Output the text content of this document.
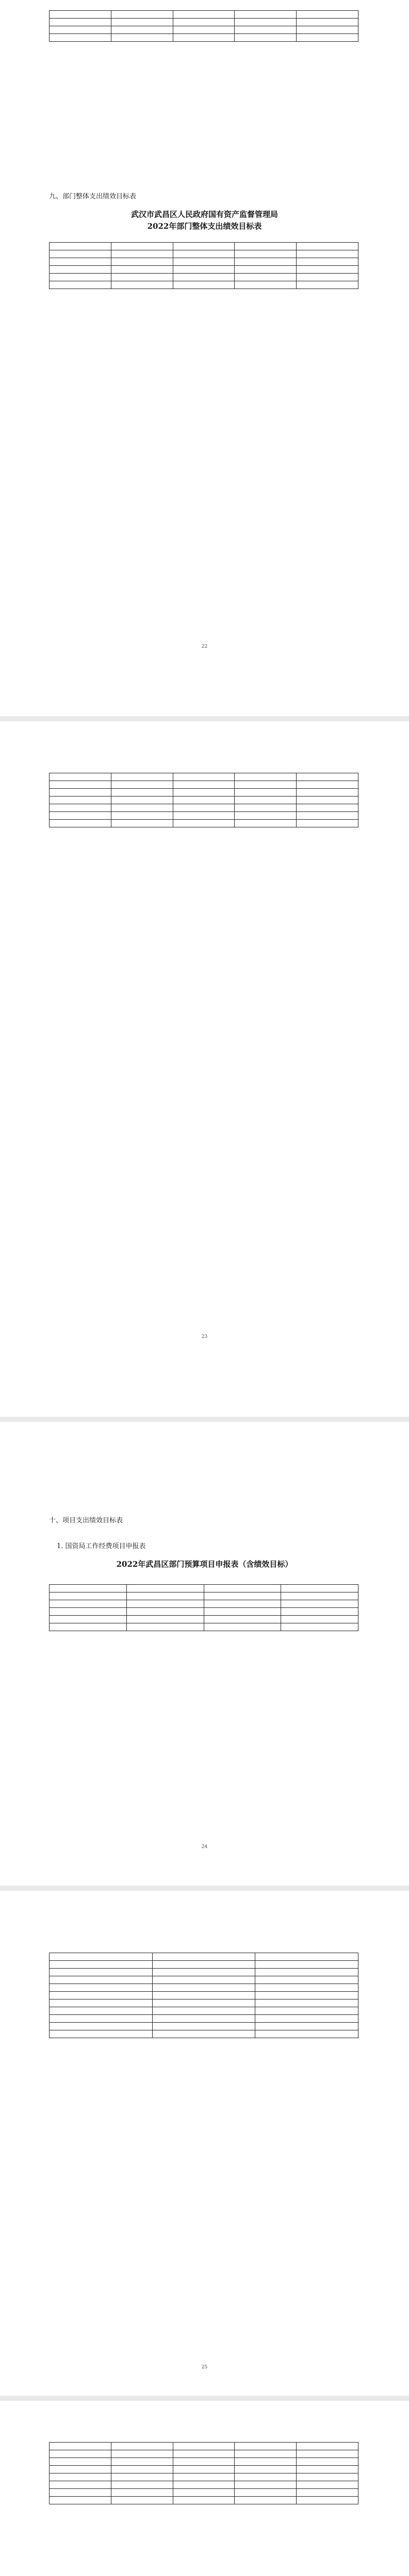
九、部门整体支出绩效目标表
武汉市武昌区人民政府国有资产监督管理局
2022年部门整体支出绩效目标表

22

23
十、项目支出绩效目标表
1. 国资局工作经费项目申报表
2022年武昌区部门预算项目申报表（含绩效目标）

24

25
